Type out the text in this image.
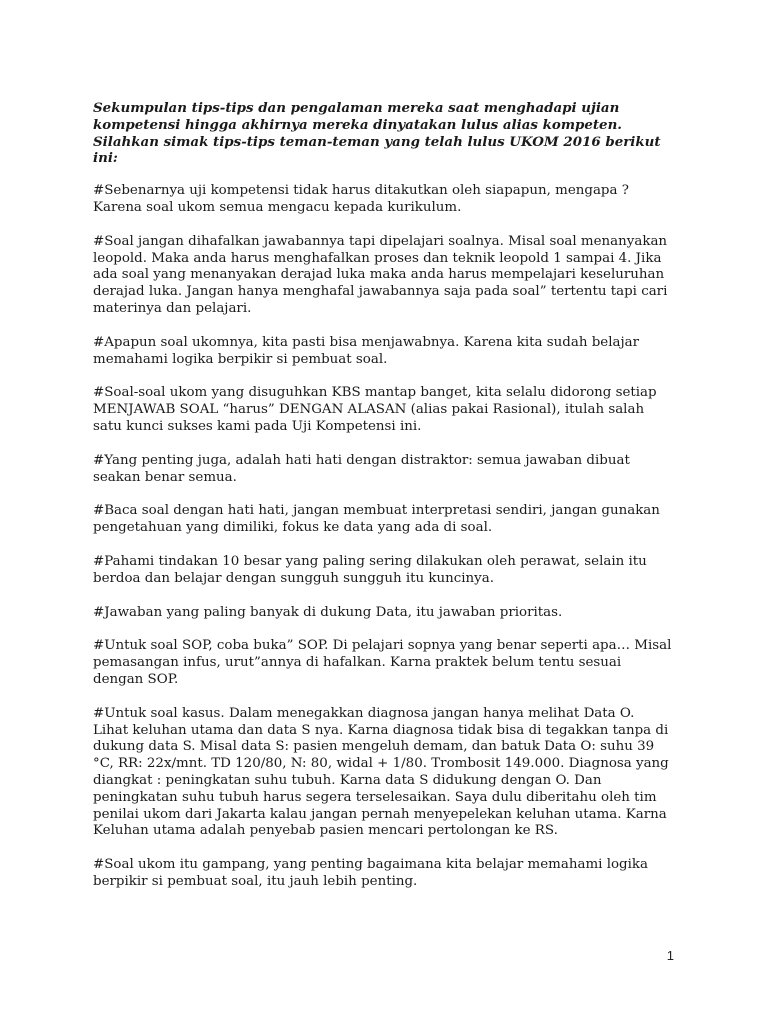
Sekumpulan tips-tips dan pengalaman mereka saat menghadapi ujian kompetensi hingga akhirnya mereka dinyatakan lulus alias kompeten. Silahkan simak tips-tips teman-teman yang telah lulus UKOM 2016 berikut ini:

#Sebenarnya uji kompetensi tidak harus ditakutkan oleh siapapun, mengapa ? Karena soal ukom semua mengacu kepada kurikulum.

#Soal jangan dihafalkan jawabannya tapi dipelajari soalnya. Misal soal menanyakan leopold. Maka anda harus menghafalkan proses dan teknik leopold 1 sampai 4. Jika ada soal yang menanyakan derajad luka maka anda harus mempelajari keseluruhan derajad luka. Jangan hanya menghafal jawabannya saja pada soal” tertentu tapi cari materinya dan pelajari.

#Apapun soal ukomnya, kita pasti bisa menjawabnya. Karena kita sudah belajar memahami logika berpikir si pembuat soal.

#Soal-soal ukom yang disuguhkan KBS mantap banget, kita selalu didorong setiap MENJAWAB SOAL “harus” DENGAN ALASAN (alias pakai Rasional), itulah salah satu kunci sukses kami pada Uji Kompetensi ini.

#Yang penting juga, adalah hati hati dengan distraktor: semua jawaban dibuat seakan benar semua.

#Baca soal dengan hati hati, jangan membuat interpretasi sendiri, jangan gunakan pengetahuan yang dimiliki, fokus ke data yang ada di soal.

#Pahami tindakan 10 besar yang paling sering dilakukan oleh perawat, selain itu berdoa dan belajar dengan sungguh sungguh itu kuncinya.

#Jawaban yang paling banyak di dukung Data, itu jawaban prioritas.

#Untuk soal SOP, coba buka” SOP. Di pelajari sopnya yang benar seperti apa… Misal pemasangan infus, urut”annya di hafalkan. Karna praktek belum tentu sesuai dengan SOP.

#Untuk soal kasus. Dalam menegakkan diagnosa jangan hanya melihat Data O. Lihat keluhan utama dan data S nya. Karna diagnosa tidak bisa di tegakkan tanpa di dukung data S. Misal data S: pasien mengeluh demam, dan batuk Data O: suhu 39 °C, RR: 22x/mnt. TD 120/80, N: 80, widal + 1/80. Trombosit 149.000. Diagnosa yang diangkat : peningkatan suhu tubuh. Karna data S didukung dengan O. Dan peningkatan suhu tubuh harus segera terselesaikan. Saya dulu diberitahu oleh tim penilai ukom dari Jakarta kalau jangan pernah menyepelekan keluhan utama. Karna Keluhan utama adalah penyebab pasien mencari pertolongan ke RS.

#Soal ukom itu gampang, yang penting bagaimana kita belajar memahami logika berpikir si pembuat soal, itu jauh lebih penting.

1
